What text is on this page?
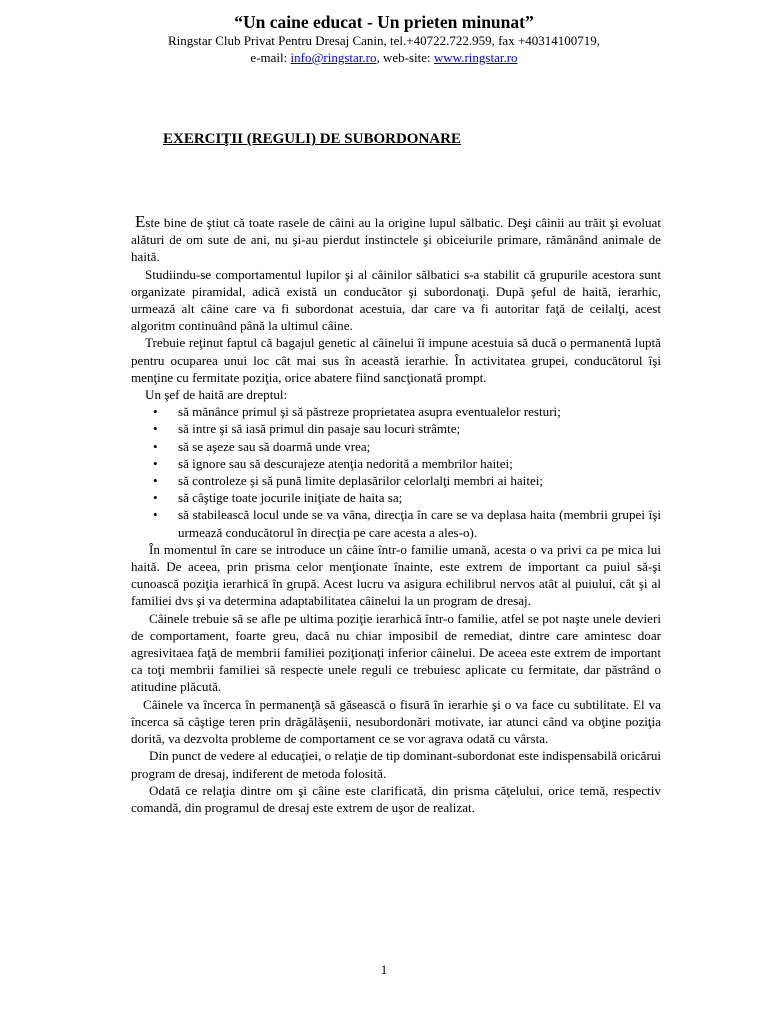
“Un caine educat - Un prieten minunat”
Ringstar Club Privat Pentru Dresaj Canin, tel.+40722.722.959, fax +40314100719,
e-mail: info@ringstar.ro, web-site: www.ringstar.ro
EXERCIŢII (REGULI) DE SUBORDONARE

Este bine de ştiut că toate rasele de câini au la origine lupul sălbatic. Deşi câinii au trăit şi evoluat alături de om sute de ani, nu şi-au pierdut instinctele şi obiceiurile primare, rămânând animale de haită.

Studiindu-se comportamentul lupilor şi al câinilor sălbatici s-a stabilit că grupurile acestora sunt organizate piramidal, adică există un conducător şi subordonaţi. După şeful de haită, ierarhic, urmează alt câine care va fi subordonat acestuia, dar care va fi autoritar faţă de ceilalţi, acest algoritm continuând până la ultimul câine.

Trebuie reţinut faptul că bagajul genetic al câinelui îi impune acestuia să ducă o permanentă luptă pentru ocuparea unui loc cât mai sus în această ierarhie. În activitatea grupei, conducătorul îşi menţine cu fermitate poziţia, orice abatere fiind sancţionată prompt.

Un şef de haită are dreptul:

• să mănânce primul şi să păstreze proprietatea asupra eventualelor resturi;
• să intre şi să iasă primul din pasaje sau locuri strâmte;
• să se aşeze sau să doarmă unde vrea;
• să ignore sau să descurajeze atenţia nedorită a membrilor haitei;
• să controleze şi să pună limite deplasărilor celorlalţi membri ai haitei;
• să câştige toate jocurile iniţiate de haita sa;
• să stabilească locul unde se va vâna, direcţia în care se va deplasa haita (membrii grupei îşi urmează conducătorul în direcţia pe care acesta a ales-o).

În momentul în care se introduce un câine într-o familie umană, acesta o va privi ca pe mica lui haită. De aceea, prin prisma celor menţionate înainte, este extrem de important ca puiul să-şi cunoască poziţia ierarhică în grupă. Acest lucru va asigura echilibrul nervos atât al puiului, cât şi al familiei dvs şi va determina adaptabilitatea câinelui la un program de dresaj.

Câinele trebuie să se afle pe ultima poziţie ierarhică într-o familie, atfel se pot naşte unele devieri de comportament, foarte greu, dacă nu chiar imposibil de remediat, dintre care amintesc doar agresivitaea faţă de membrii familiei poziţionaţi inferior câinelui. De aceea este extrem de important ca toţi membrii familiei să respecte unele reguli ce trebuiesc aplicate cu fermitate, dar păstrând o atitudine plăcută.

Câinele va încerca în permanenţă să găsească o fisură în ierarhie şi o va face cu subtilitate. El va încerca să câştige teren prin drăgălăşenii, nesubordonări motivate, iar atunci când va obţine poziţia dorită, va dezvolta probleme de comportament ce se vor agrava odată cu vârsta.

Din punct de vedere al educaţiei, o relaţie de tip dominant-subordonat este indispensabilă oricărui program de dresaj, indiferent de metoda folosită.

Odată ce relaţia dintre om şi câine este clarificată, din prisma căţelului, orice temă, respectiv comandă, din programul de dresaj este extrem de uşor de realizat.

1
